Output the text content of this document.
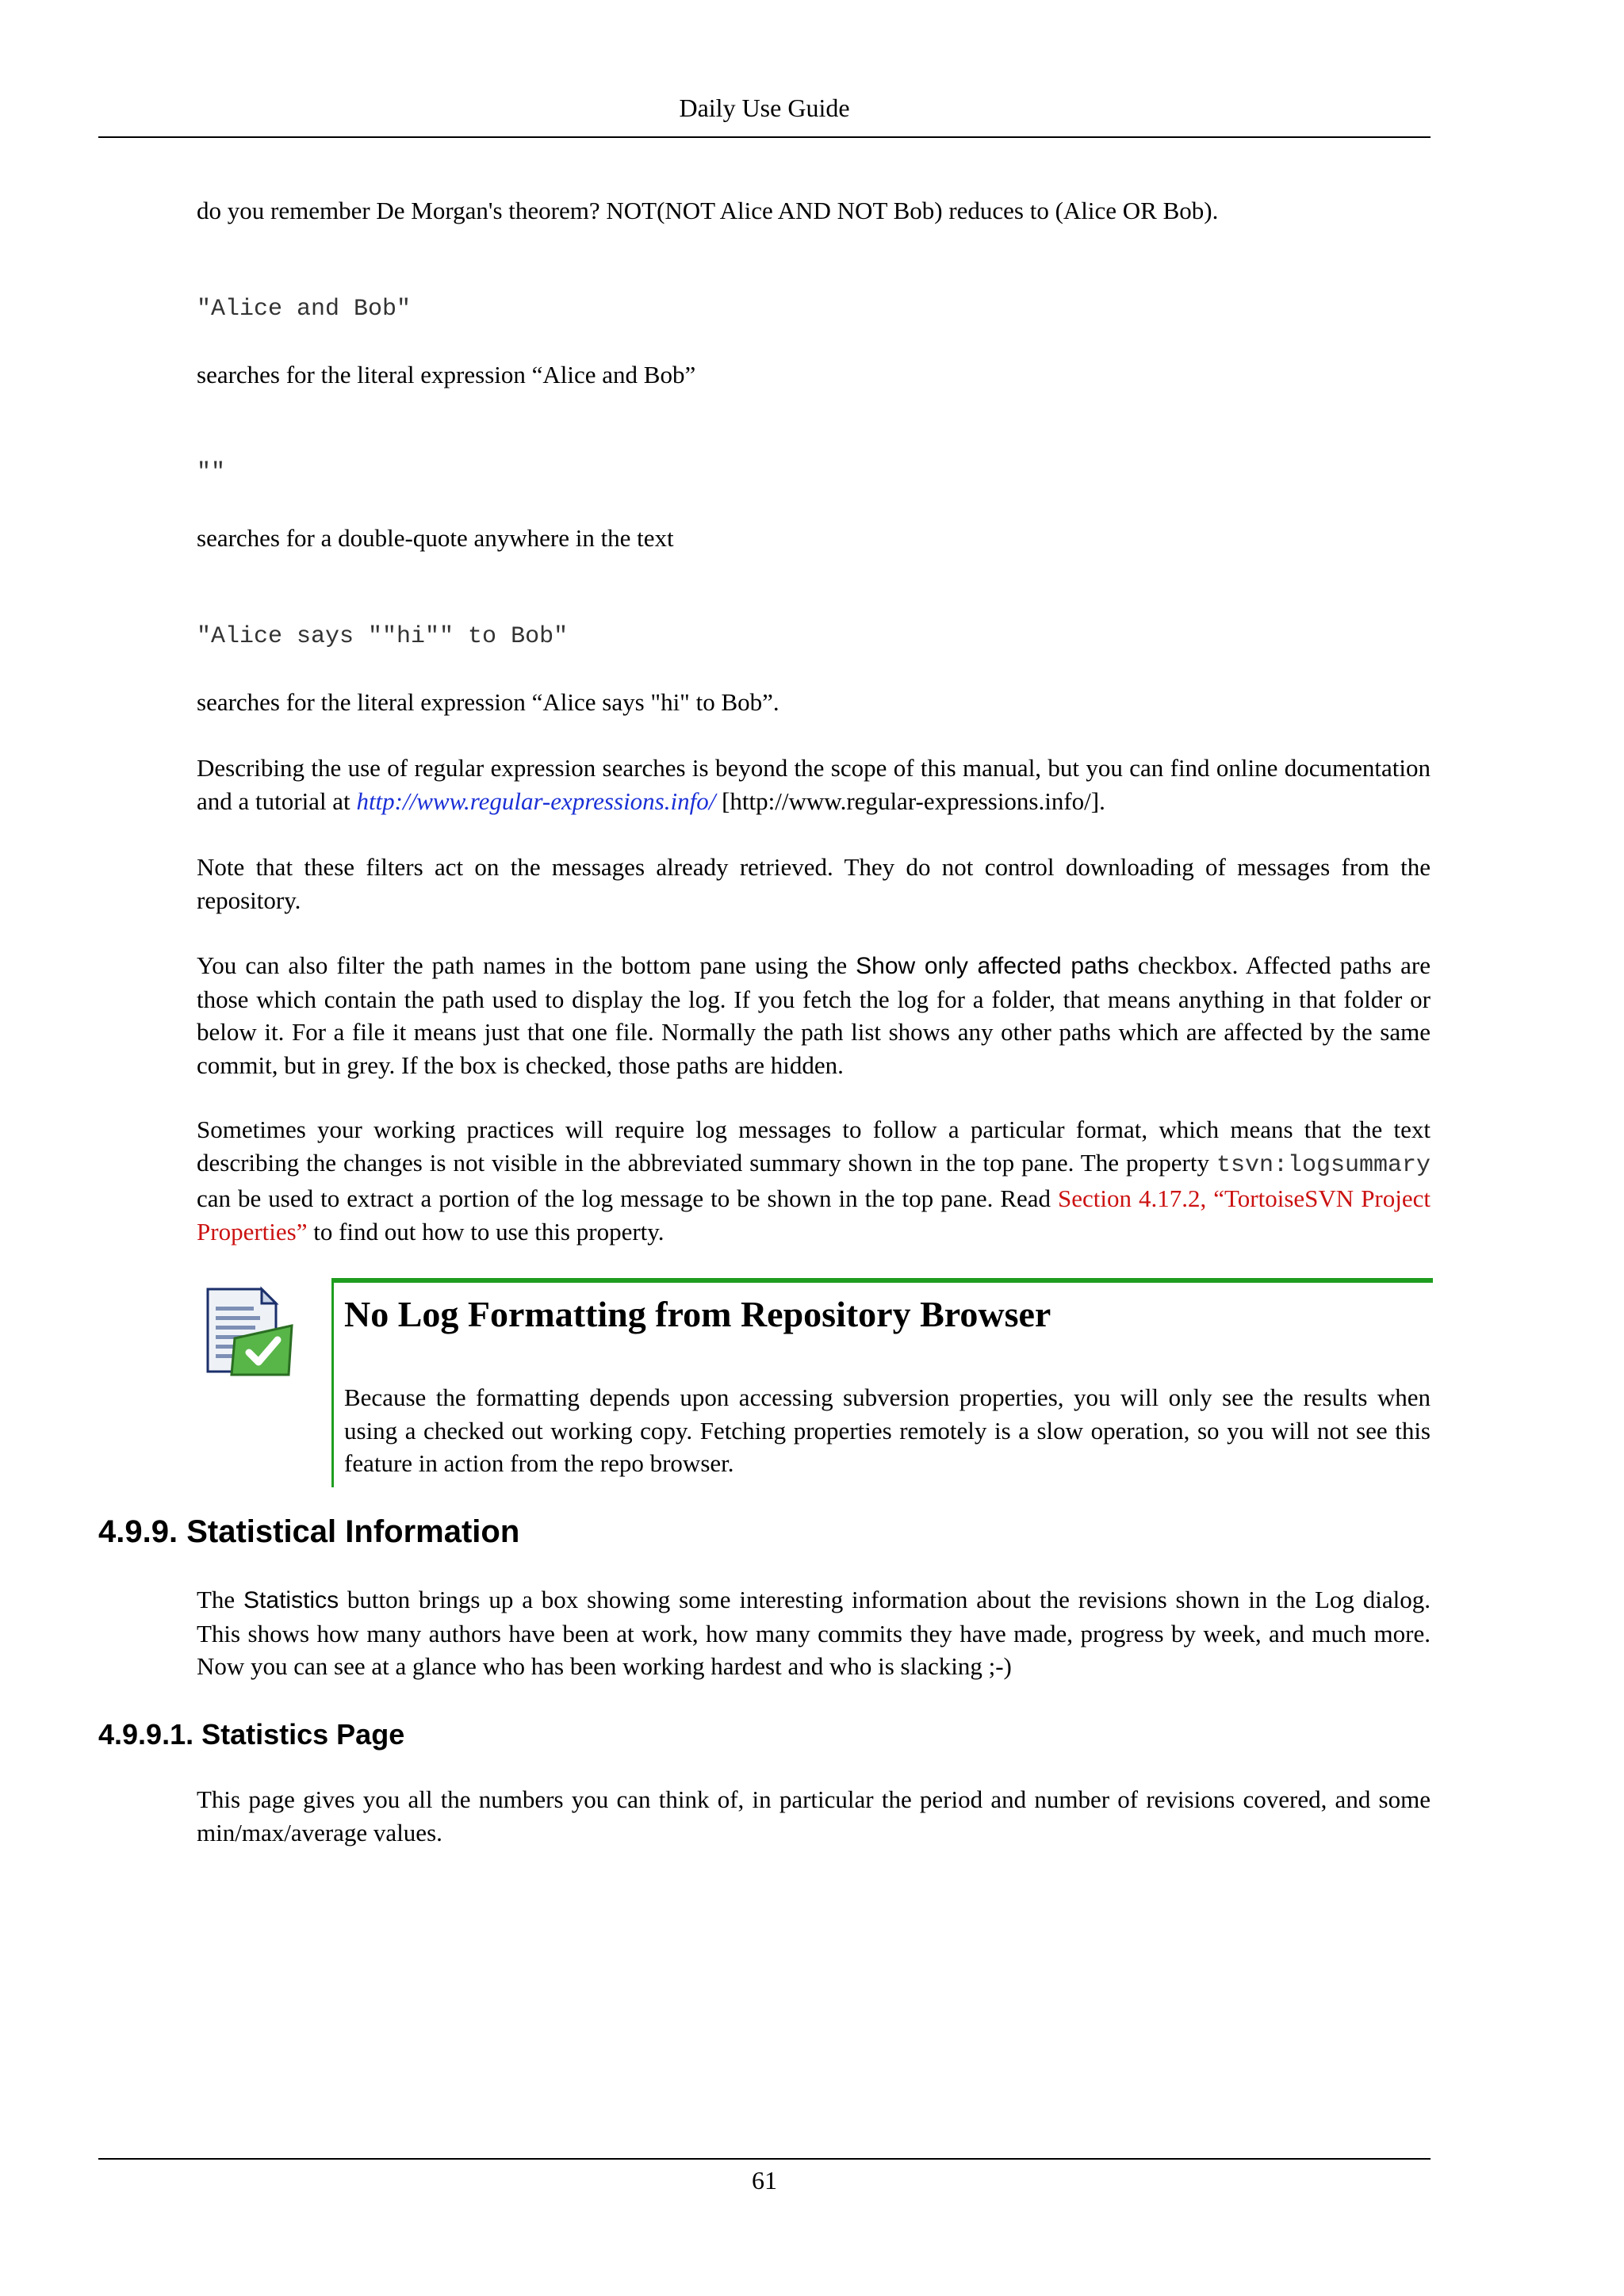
Daily Use Guide
do you remember De Morgan's theorem? NOT(NOT Alice AND NOT Bob) reduces to (Alice OR Bob).
"Alice and Bob"
searches for the literal expression “Alice and Bob”
""
searches for a double-quote anywhere in the text
"Alice says ""hi"" to Bob"
searches for the literal expression “Alice says "hi" to Bob”.
Describing the use of regular expression searches is beyond the scope of this manual, but you can find online documentation and a tutorial at http://www.regular-expressions.info/ [http://www.regular-expressions.info/].
Note that these filters act on the messages already retrieved. They do not control downloading of messages from the repository.
You can also filter the path names in the bottom pane using the Show only affected paths checkbox. Affected paths are those which contain the path used to display the log. If you fetch the log for a folder, that means anything in that folder or below it. For a file it means just that one file. Normally the path list shows any other paths which are affected by the same commit, but in grey. If the box is checked, those paths are hidden.
Sometimes your working practices will require log messages to follow a particular format, which means that the text describing the changes is not visible in the abbreviated summary shown in the top pane. The property tsvn:logsummary can be used to extract a portion of the log message to be shown in the top pane. Read Section 4.17.2, “TortoiseSVN Project Properties” to find out how to use this property.
No Log Formatting from Repository Browser
Because the formatting depends upon accessing subversion properties, you will only see the results when using a checked out working copy. Fetching properties remotely is a slow operation, so you will not see this feature in action from the repo browser.
4.9.9. Statistical Information
The Statistics button brings up a box showing some interesting information about the revisions shown in the Log dialog. This shows how many authors have been at work, how many commits they have made, progress by week, and much more. Now you can see at a glance who has been working hardest and who is slacking ;-)
4.9.9.1. Statistics Page
This page gives you all the numbers you can think of, in particular the period and number of revisions covered, and some min/max/average values.
61
